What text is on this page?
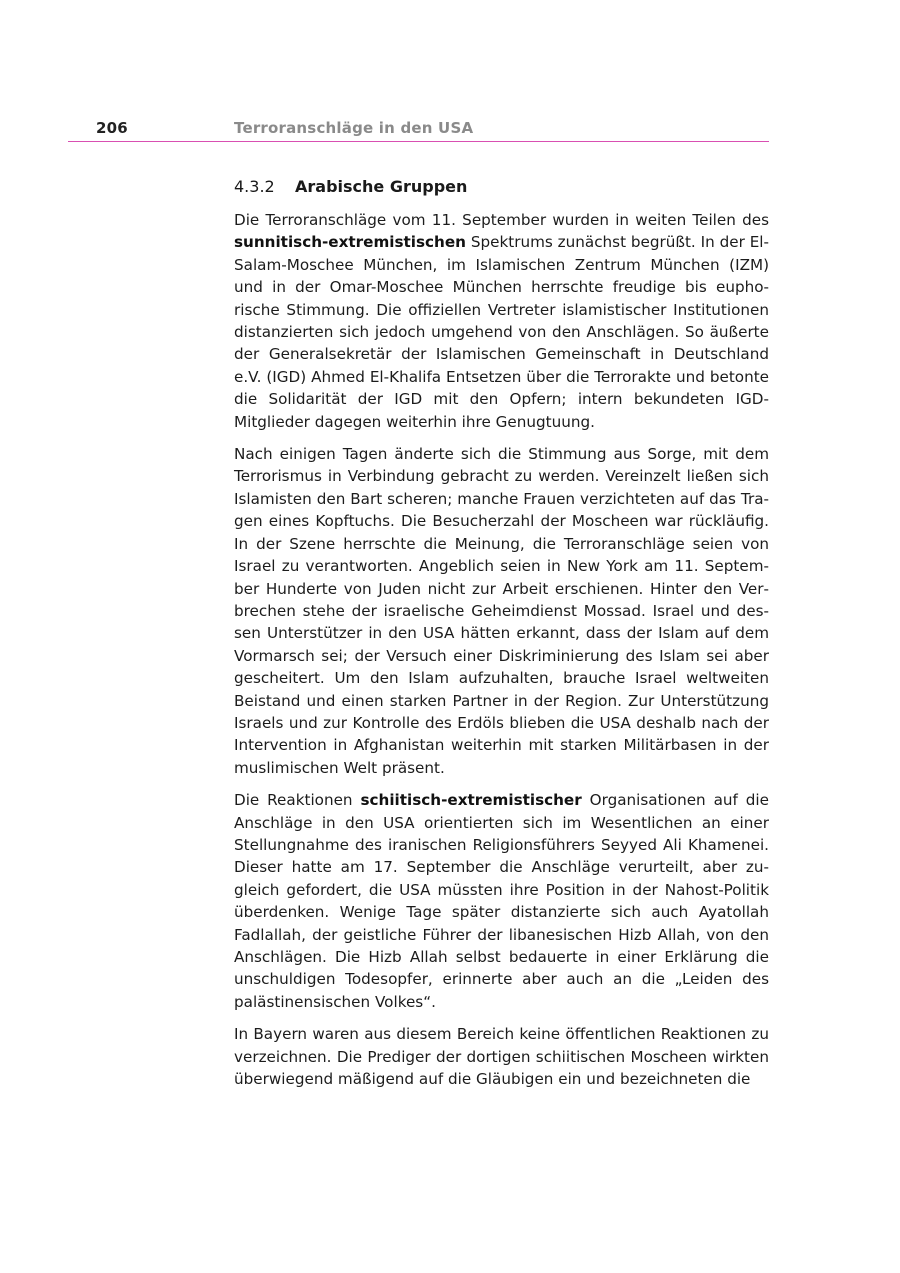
206	Terroranschläge in den USA
4.3.2 Arabische Gruppen

Die Terroranschläge vom 11. September wurden in weiten Teilen des sunnitisch-extremistischen Spektrums zunächst begrüßt. In der El-Salam-Moschee München, im Islamischen Zentrum München (IZM) und in der Omar-Moschee München herrschte freudige bis euphorische Stimmung. Die offiziellen Vertreter islamistischer Institutionen distanzierten sich jedoch umgehend von den Anschlägen. So äußerte der Generalsekretär der Islamischen Gemeinschaft in Deutschland e.V. (IGD) Ahmed El-Khalifa Entsetzen über die Terrorakte und betonte die Solidarität der IGD mit den Opfern; intern bekundeten IGD-Mitglieder dagegen weiterhin ihre Genugtuung.

Nach einigen Tagen änderte sich die Stimmung aus Sorge, mit dem Terrorismus in Verbindung gebracht zu werden. Vereinzelt ließen sich Islamisten den Bart scheren; manche Frauen verzichteten auf das Tragen eines Kopftuchs. Die Besucherzahl der Moscheen war rückläufig. In der Szene herrschte die Meinung, die Terroranschläge seien von Israel zu verantworten. Angeblich seien in New York am 11. September Hunderte von Juden nicht zur Arbeit erschienen. Hinter den Verbrechen stehe der israelische Geheimdienst Mossad. Israel und dessen Unterstützer in den USA hätten erkannt, dass der Islam auf dem Vormarsch sei; der Versuch einer Diskriminierung des Islam sei aber gescheitert. Um den Islam aufzuhalten, brauche Israel weltweiten Beistand und einen starken Partner in der Region. Zur Unterstützung Israels und zur Kontrolle des Erdöls blieben die USA deshalb nach der Intervention in Afghanistan weiterhin mit starken Militärbasen in der muslimischen Welt präsent.

Die Reaktionen schiitisch-extremistischer Organisationen auf die Anschläge in den USA orientierten sich im Wesentlichen an einer Stellungnahme des iranischen Religionsführers Seyyed Ali Khamenei. Dieser hatte am 17. September die Anschläge verurteilt, aber zugleich gefordert, die USA müssten ihre Position in der Nahost-Politik überdenken. Wenige Tage später distanzierte sich auch Ayatollah Fadlallah, der geistliche Führer der libanesischen Hizb Allah, von den Anschlägen. Die Hizb Allah selbst bedauerte in einer Erklärung die unschuldigen Todesopfer, erinnerte aber auch an die „Leiden des palästinensischen Volkes“.

In Bayern waren aus diesem Bereich keine öffentlichen Reaktionen zu verzeichnen. Die Prediger der dortigen schiitischen Moscheen wirkten überwiegend mäßigend auf die Gläubigen ein und bezeichneten die
